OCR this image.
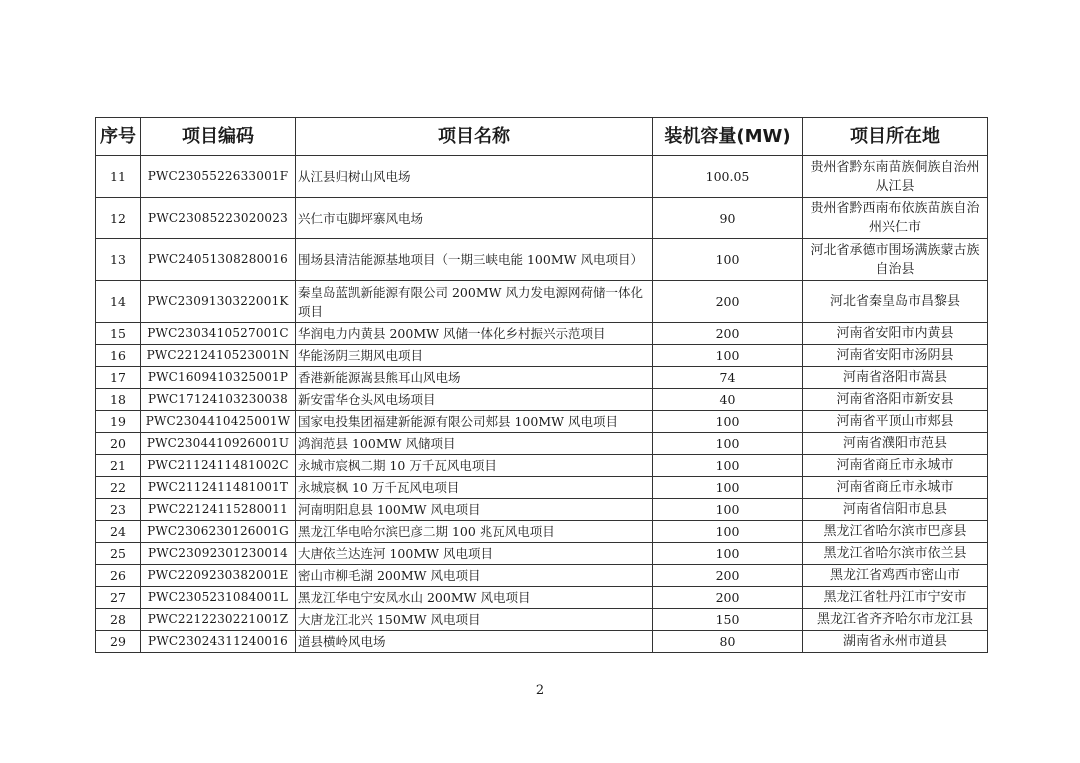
序号	项目编码	项目名称	装机容量(MW)	项目所在地
11	PWC2305522633001F	从江县归树山风电场	100.05	贵州省黔东南苗族侗族自治州从江县
12	PWC23085223020023	兴仁市屯脚坪寨风电场	90	贵州省黔西南布依族苗族自治州兴仁市
13	PWC24051308280016	围场县清洁能源基地项目（一期三峡电能 100MW 风电项目）	100	河北省承德市围场满族蒙古族自治县
14	PWC2309130322001K	秦皇岛蓝凯新能源有限公司 200MW 风力发电源网荷储一体化项目	200	河北省秦皇岛市昌黎县
15	PWC2303410527001C	华润电力内黄县 200MW 风储一体化乡村振兴示范项目	200	河南省安阳市内黄县
16	PWC2212410523001N	华能汤阴三期风电项目	100	河南省安阳市汤阴县
17	PWC1609410325001P	香港新能源嵩县熊耳山风电场	74	河南省洛阳市嵩县
18	PWC17124103230038	新安雷华仓头风电场项目	40	河南省洛阳市新安县
19	PWC2304410425001W	国家电投集团福建新能源有限公司郏县 100MW 风电项目	100	河南省平顶山市郏县
20	PWC2304410926001U	鸿润范县 100MW 风储项目	100	河南省濮阳市范县
21	PWC2112411481002C	永城市宸枫二期 10 万千瓦风电项目	100	河南省商丘市永城市
22	PWC2112411481001T	永城宸枫 10 万千瓦风电项目	100	河南省商丘市永城市
23	PWC22124115280011	河南明阳息县 100MW 风电项目	100	河南省信阳市息县
24	PWC2306230126001G	黑龙江华电哈尔滨巴彦二期 100 兆瓦风电项目	100	黑龙江省哈尔滨市巴彦县
25	PWC23092301230014	大唐依兰达连河 100MW 风电项目	100	黑龙江省哈尔滨市依兰县
26	PWC2209230382001E	密山市柳毛湖 200MW 风电项目	200	黑龙江省鸡西市密山市
27	PWC2305231084001L	黑龙江华电宁安凤水山 200MW 风电项目	200	黑龙江省牡丹江市宁安市
28	PWC2212230221001Z	大唐龙江北兴 150MW 风电项目	150	黑龙江省齐齐哈尔市龙江县
29	PWC23024311240016	道县横岭风电场	80	湖南省永州市道县
2
